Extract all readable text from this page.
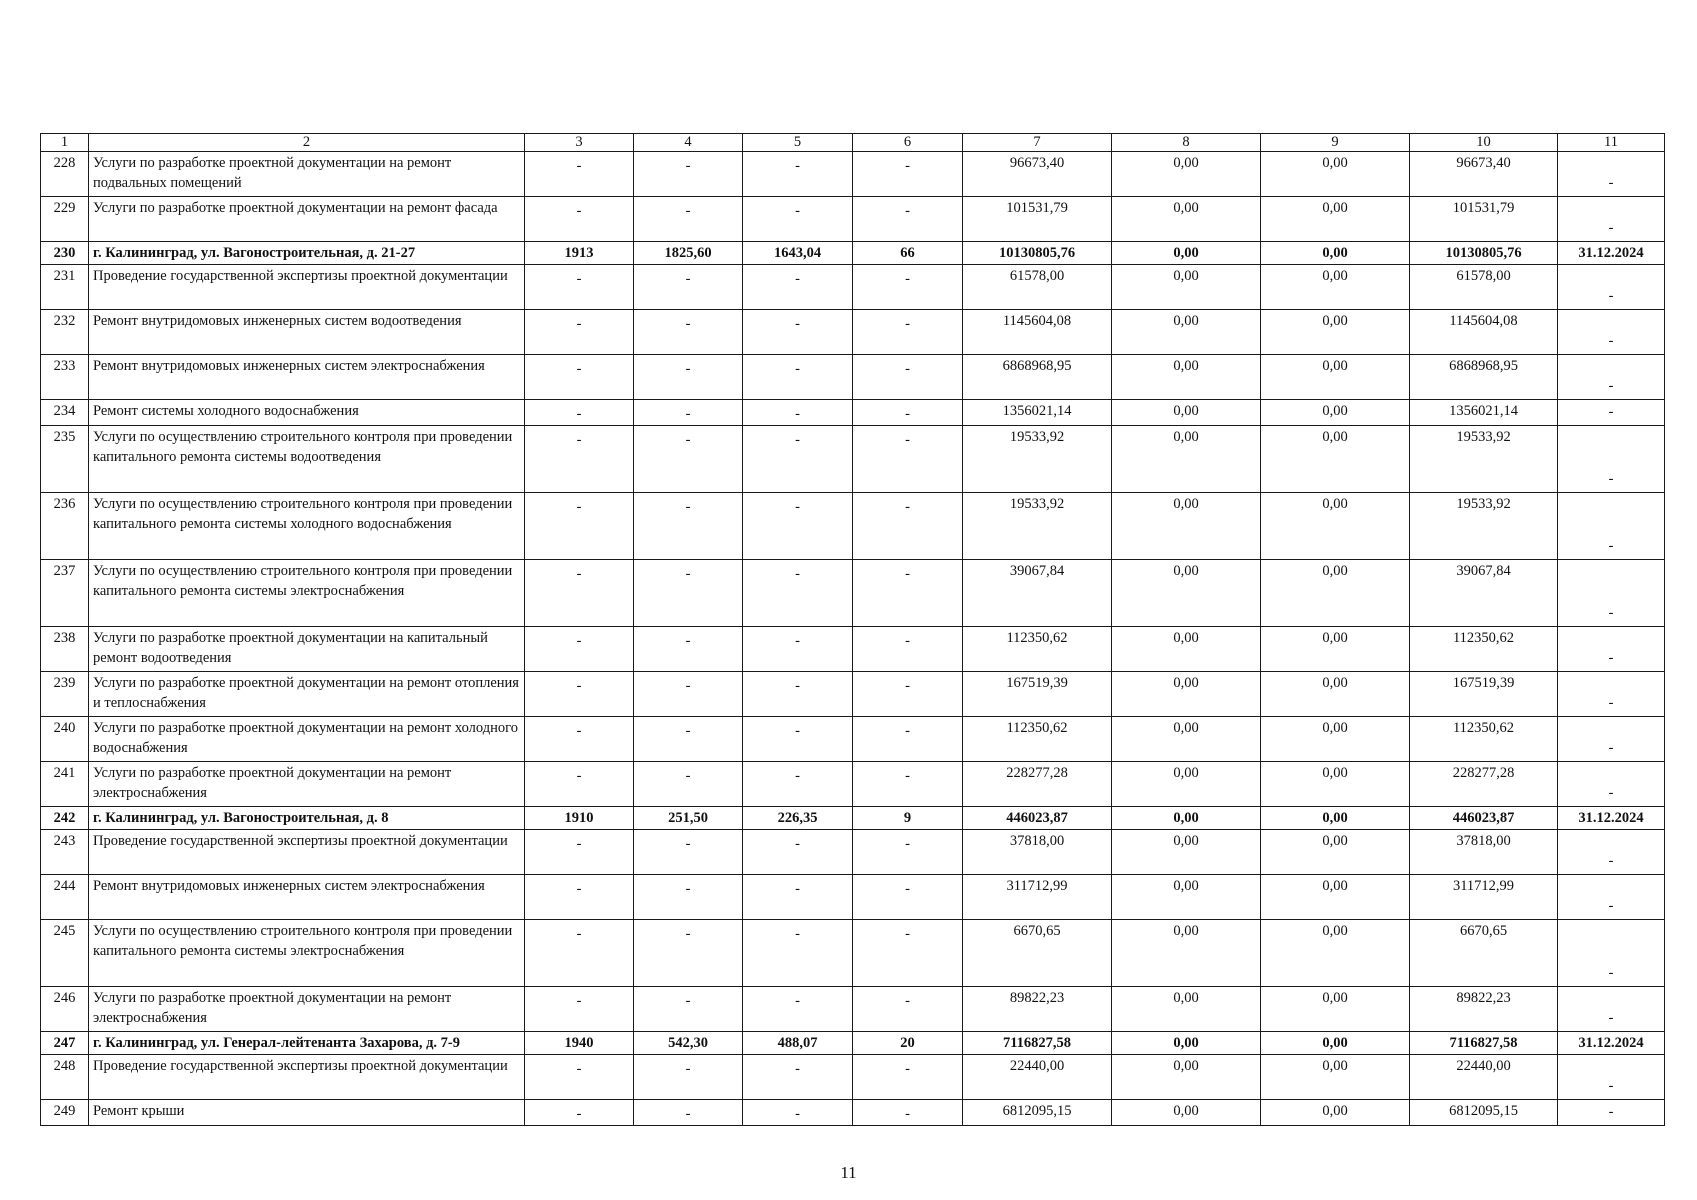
1	2	3	4	5	6	7	8	9	10	11
228	Услуги по разработке проектной документации на ремонт подвальных помещений	-	-	-	-	96673,40	0,00	0,00	96673,40	-
229	Услуги по разработке проектной документации на ремонт фасада	-	-	-	-	101531,79	0,00	0,00	101531,79	-
230	г. Калининград, ул. Вагоностроительная, д. 21-27	1913	1825,60	1643,04	66	10130805,76	0,00	0,00	10130805,76	31.12.2024
231	Проведение государственной экспертизы проектной документации	-	-	-	-	61578,00	0,00	0,00	61578,00	-
232	Ремонт внутридомовых инженерных систем водоотведения	-	-	-	-	1145604,08	0,00	0,00	1145604,08	-
233	Ремонт внутридомовых инженерных систем электроснабжения	-	-	-	-	6868968,95	0,00	0,00	6868968,95	-
234	Ремонт системы холодного водоснабжения	-	-	-	-	1356021,14	0,00	0,00	1356021,14	-
235	Услуги по осуществлению строительного контроля при проведении капитального ремонта системы водоотведения	-	-	-	-	19533,92	0,00	0,00	19533,92	-
236	Услуги по осуществлению строительного контроля при проведении капитального ремонта системы холодного водоснабжения	-	-	-	-	19533,92	0,00	0,00	19533,92	-
237	Услуги по осуществлению строительного контроля при проведении капитального ремонта системы электроснабжения	-	-	-	-	39067,84	0,00	0,00	39067,84	-
238	Услуги по разработке проектной документации на капитальный ремонт водоотведения	-	-	-	-	112350,62	0,00	0,00	112350,62	-
239	Услуги по разработке проектной документации на ремонт отопления и теплоснабжения	-	-	-	-	167519,39	0,00	0,00	167519,39	-
240	Услуги по разработке проектной документации на ремонт холодного водоснабжения	-	-	-	-	112350,62	0,00	0,00	112350,62	-
241	Услуги по разработке проектной документации на ремонт электроснабжения	-	-	-	-	228277,28	0,00	0,00	228277,28	-
242	г. Калининград, ул. Вагоностроительная, д. 8	1910	251,50	226,35	9	446023,87	0,00	0,00	446023,87	31.12.2024
243	Проведение государственной экспертизы проектной документации	-	-	-	-	37818,00	0,00	0,00	37818,00	-
244	Ремонт внутридомовых инженерных систем электроснабжения	-	-	-	-	311712,99	0,00	0,00	311712,99	-
245	Услуги по осуществлению строительного контроля при проведении капитального ремонта системы электроснабжения	-	-	-	-	6670,65	0,00	0,00	6670,65	-
246	Услуги по разработке проектной документации на ремонт электроснабжения	-	-	-	-	89822,23	0,00	0,00	89822,23	-
247	г. Калининград, ул. Генерал-лейтенанта Захарова, д. 7-9	1940	542,30	488,07	20	7116827,58	0,00	0,00	7116827,58	31.12.2024
248	Проведение государственной экспертизы проектной документации	-	-	-	-	22440,00	0,00	0,00	22440,00	-
249	Ремонт крыши	-	-	-	-	6812095,15	0,00	0,00	6812095,15	-
11
